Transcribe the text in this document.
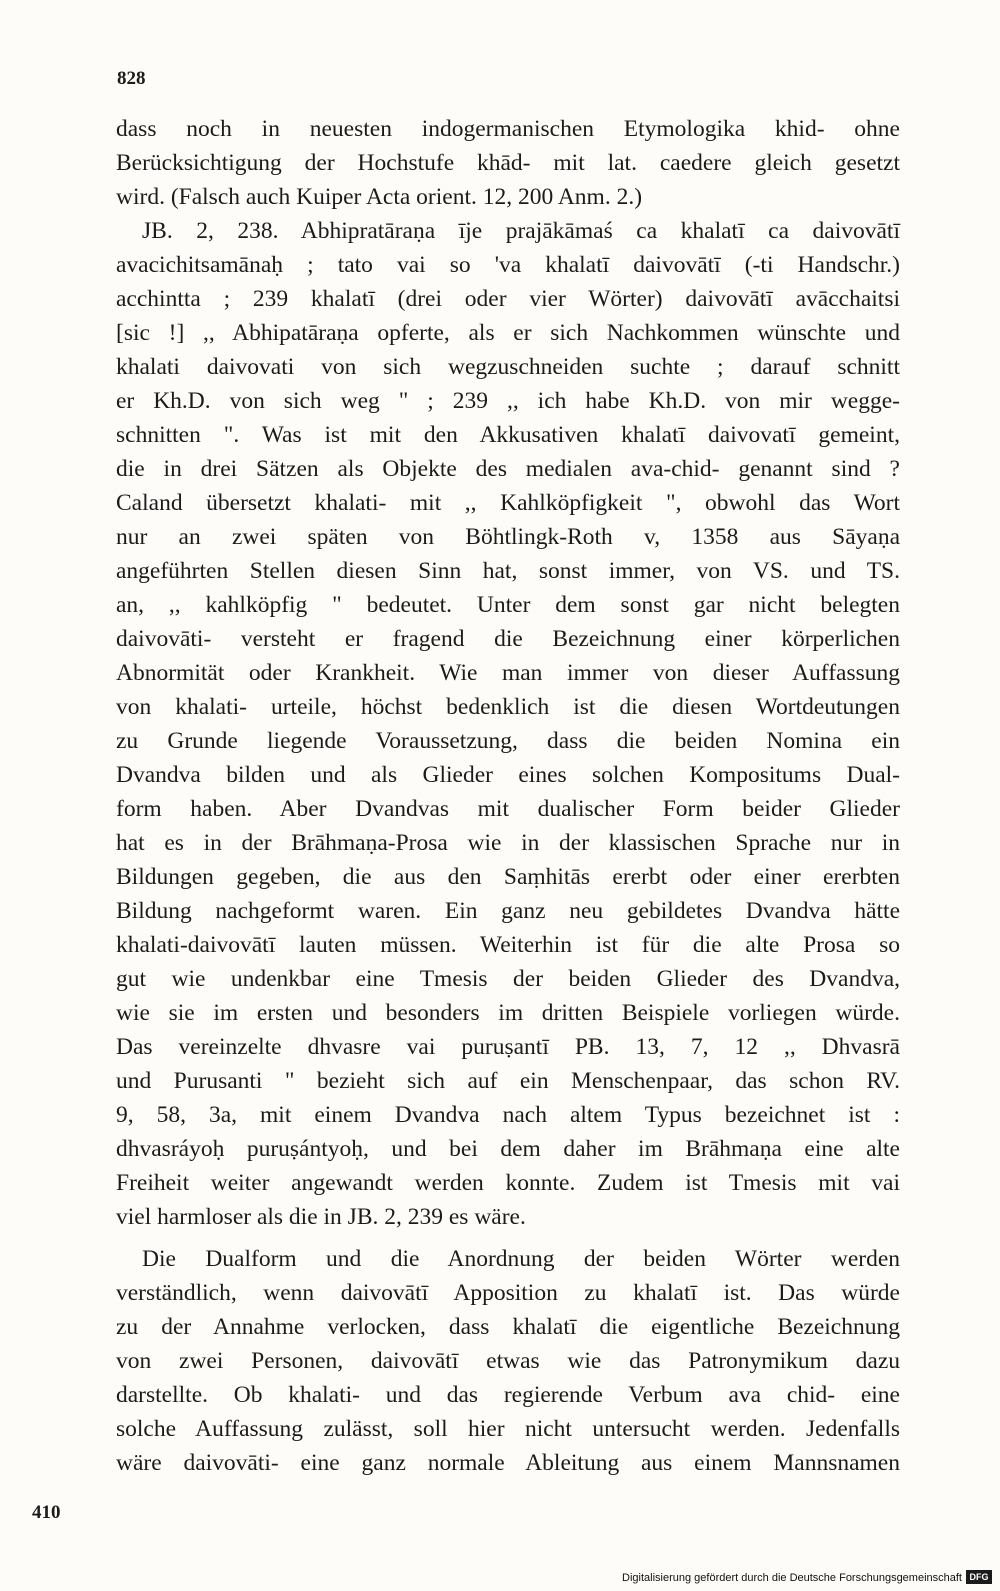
828

dass noch in neuesten indogermanischen Etymologika khid- ohne
Berücksichtigung der Hochstufe khād- mit lat. caedere gleich gesetzt
wird. (Falsch auch Kuiper Acta orient. 12, 200 Anm. 2.)
JB. 2, 238. Abhipratāraṇa īje prajākāmaś ca khalatī ca daivovātī
avacichitsamānaḥ ; tato vai so 'va khalatī daivovātī (-ti Handschr.)
acchintta ; 239 khalatī (drei oder vier Wörter) daivovātī avācchaitsi
[sic !] ,, Abhipatāraṇa opferte, als er sich Nachkommen wünschte und
khalati daivovati von sich wegzuschneiden suchte ; darauf schnitt
er Kh.D. von sich weg " ; 239 ,, ich habe Kh.D. von mir wegge-
schnitten ". Was ist mit den Akkusativen khalatī daivovatī gemeint,
die in drei Sätzen als Objekte des medialen ava-chid- genannt sind ?
Caland übersetzt khalati- mit ,, Kahlköpfigkeit ", obwohl das Wort
nur an zwei späten von Böhtlingk-Roth v, 1358 aus Sāyaṇa
angeführten Stellen diesen Sinn hat, sonst immer, von VS. und TS.
an, ,, kahlköpfig " bedeutet. Unter dem sonst gar nicht belegten
daivovāti- versteht er fragend die Bezeichnung einer körperlichen
Abnormität oder Krankheit. Wie man immer von dieser Auffassung
von khalati- urteile, höchst bedenklich ist die diesen Wortdeutungen
zu Grunde liegende Voraussetzung, dass die beiden Nomina ein
Dvandva bilden und als Glieder eines solchen Kompositums Dual-
form haben. Aber Dvandvas mit dualischer Form beider Glieder
hat es in der Brāhmaṇa-Prosa wie in der klassischen Sprache nur in
Bildungen gegeben, die aus den Saṃhitās ererbt oder einer ererbten
Bildung nachgeformt waren. Ein ganz neu gebildetes Dvandva hätte
khalati-daivovātī lauten müssen. Weiterhin ist für die alte Prosa so
gut wie undenkbar eine Tmesis der beiden Glieder des Dvandva,
wie sie im ersten und besonders im dritten Beispiele vorliegen würde.
Das vereinzelte dhvasre vai puruṣantī PB. 13, 7, 12 ,, Dhvasrā
und Purusanti " bezieht sich auf ein Menschenpaar, das schon RV.
9, 58, 3a, mit einem Dvandva nach altem Typus bezeichnet ist :
dhvasráyoḥ puruṣántyoḥ, und bei dem daher im Brāhmaṇa eine alte
Freiheit weiter angewandt werden konnte. Zudem ist Tmesis mit vai
viel harmloser als die in JB. 2, 239 es wäre.
Die Dualform und die Anordnung der beiden Wörter werden
verständlich, wenn daivovātī Apposition zu khalatī ist. Das würde
zu der Annahme verlocken, dass khalatī die eigentliche Bezeichnung
von zwei Personen, daivovātī etwas wie das Patronymikum dazu
darstellte. Ob khalati- und das regierende Verbum ava chid- eine
solche Auffassung zulässt, soll hier nicht untersucht werden. Jedenfalls
wäre daivovāti- eine ganz normale Ableitung aus einem Mannsnamen

410

Digitalisierung gefördert durch die Deutsche Forschungsgemeinschaft DFG
